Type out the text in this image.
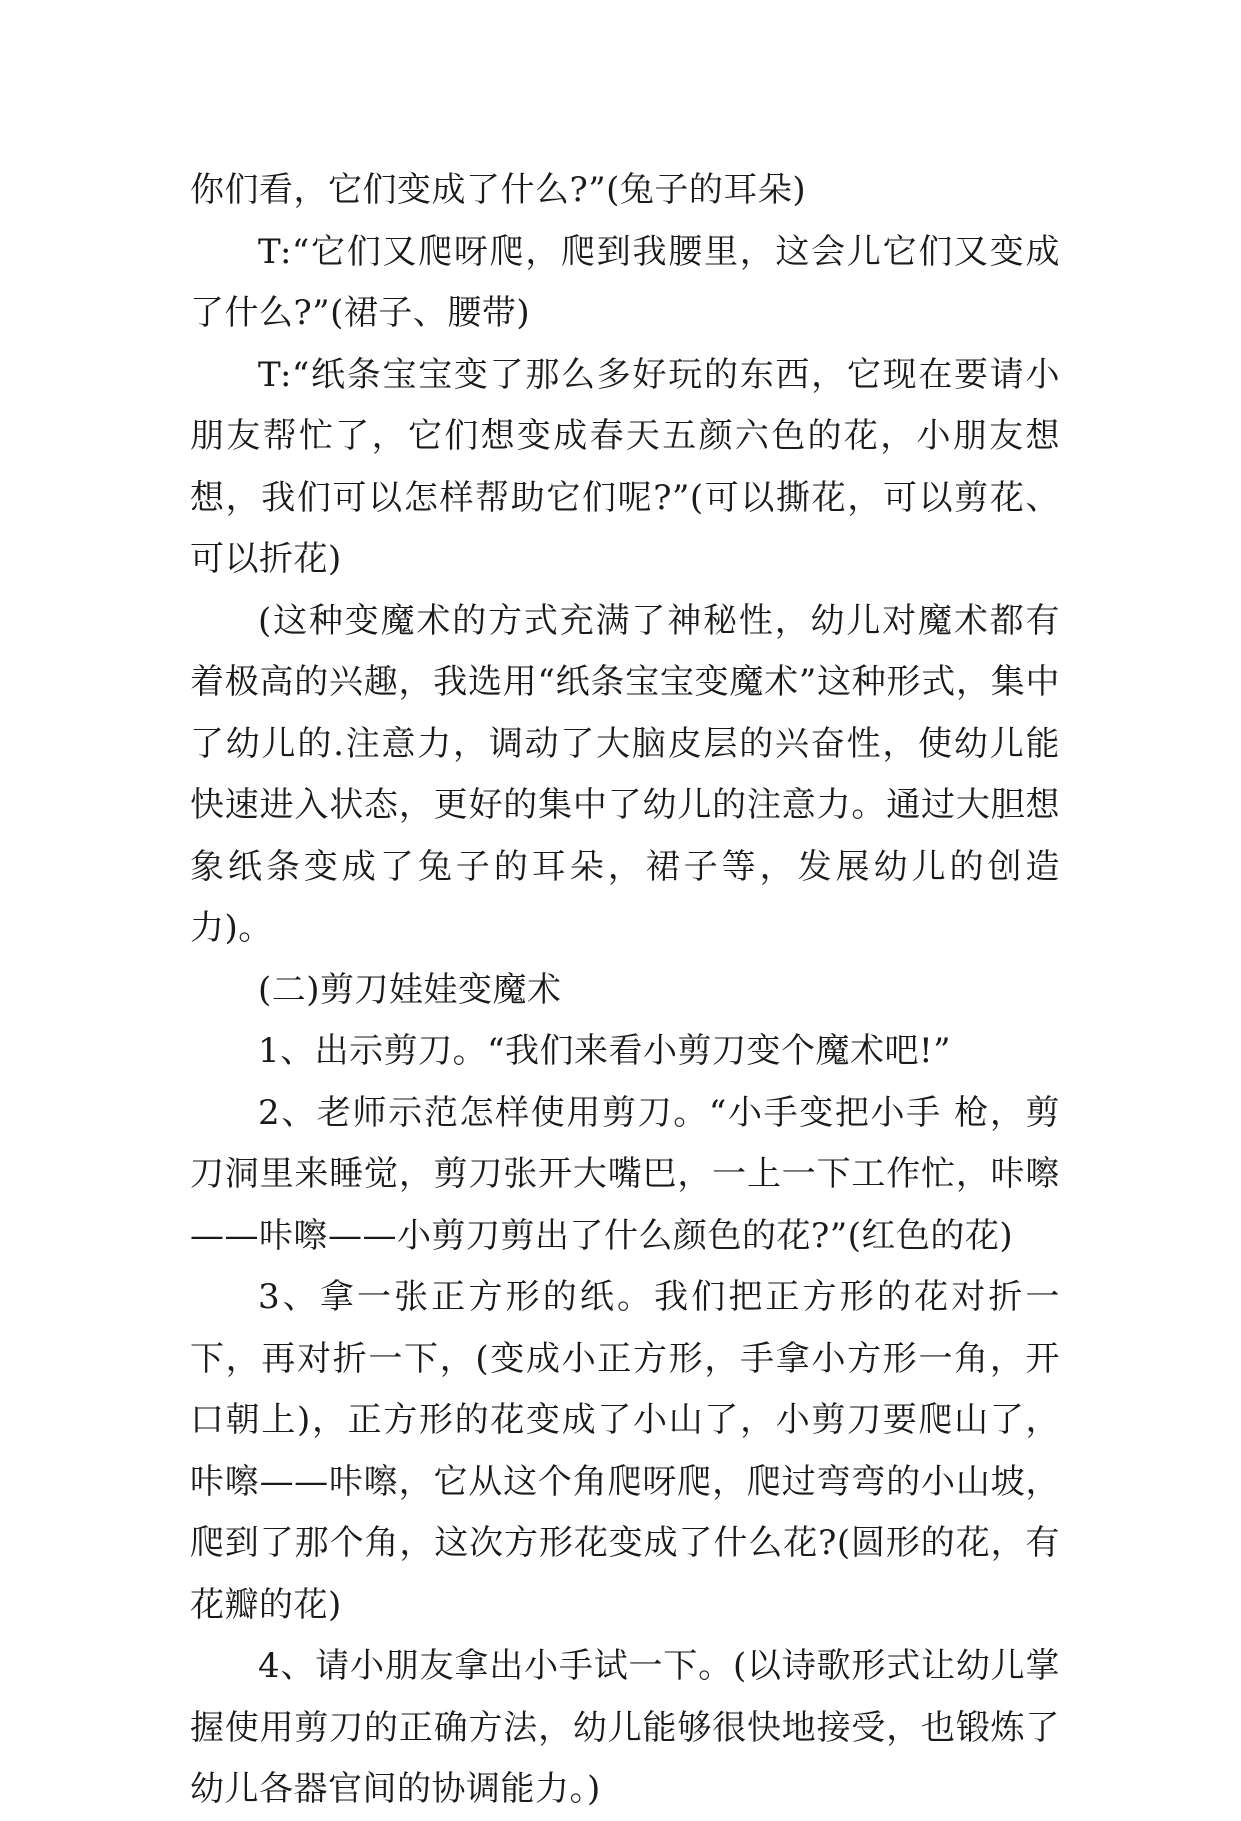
你们看，它们变成了什么?”(兔子的耳朵)

T:“它们又爬呀爬，爬到我腰里，这会儿它们又变成了什么?”(裙子、腰带)

T:“纸条宝宝变了那么多好玩的东西，它现在要请小朋友帮忙了，它们想变成春天五颜六色的花，小朋友想想，我们可以怎样帮助它们呢?”(可以撕花，可以剪花、可以折花)

(这种变魔术的方式充满了神秘性，幼儿对魔术都有着极高的兴趣，我选用“纸条宝宝变魔术”这种形式，集中了幼儿的.注意力，调动了大脑皮层的兴奋性，使幼儿能快速进入状态，更好的集中了幼儿的注意力。通过大胆想象纸条变成了兔子的耳朵，裙子等，发展幼儿的创造力)。

(二)剪刀娃娃变魔术

1、出示剪刀。“我们来看小剪刀变个魔术吧!”

2、老师示范怎样使用剪刀。“小手变把小手 枪，剪刀洞里来睡觉，剪刀张开大嘴巴，一上一下工作忙，咔嚓——咔嚓——小剪刀剪出了什么颜色的花?”(红色的花)

3、拿一张正方形的纸。我们把正方形的花对折一下，再对折一下，(变成小正方形，手拿小方形一角，开口朝上)，正方形的花变成了小山了，小剪刀要爬山了，咔嚓——咔嚓，它从这个角爬呀爬，爬过弯弯的小山坡，爬到了那个角，这次方形花变成了什么花?(圆形的花，有花瓣的花)

4、请小朋友拿出小手试一下。(以诗歌形式让幼儿掌握使用剪刀的正确方法，幼儿能够很快地接受，也锻炼了幼儿各器官间的协调能力。)
